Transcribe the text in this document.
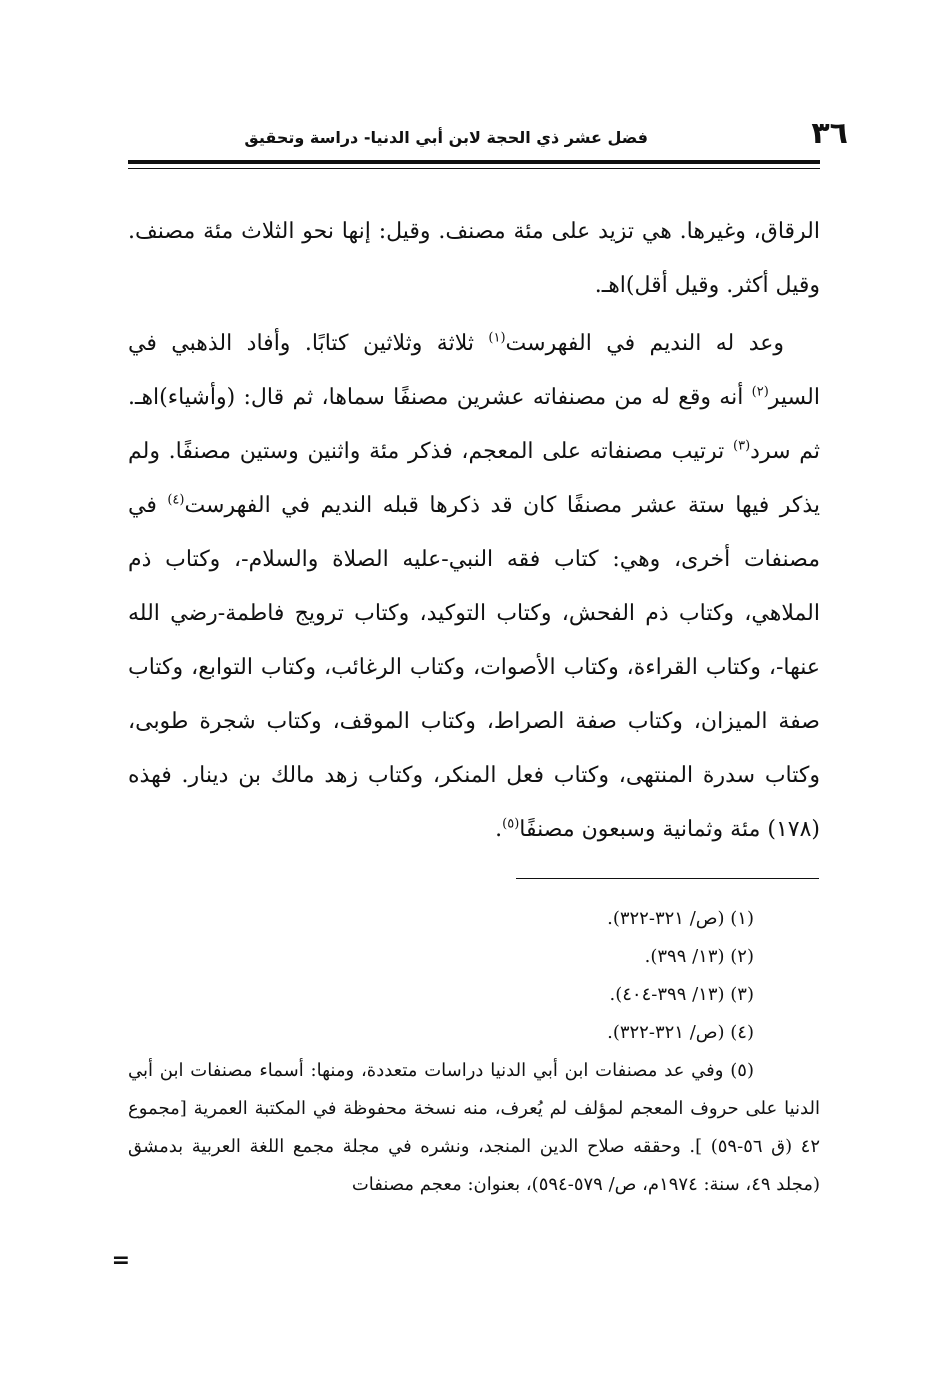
٣٦
فضل عشر ذي الحجة لابن أبي الدنيا- دراسة وتحقيق

الرقاق، وغيرها. هي تزيد على مئة مصنف. وقيل: إنها نحو الثلاث مئة مصنف. وقيل أكثر. وقيل أقل)اهـ.

وعد له النديم في الفهرست$^{(١)}$ ثلاثة وثلاثين كتابًا. وأفاد الذهبي في السير$^{(٢)}$ أنه وقع له من مصنفاته عشرين مصنفًا سماها، ثم قال: (وأشياء)اهـ. ثم سرد$^{(٣)}$ ترتيب مصنفاته على المعجم، فذكر مئة واثنين وستين مصنفًا. ولم يذكر فيها ستة عشر مصنفًا كان قد ذكرها قبله النديم في الفهرست$^{(٤)}$ في مصنفات أخرى، وهي: كتاب فقه النبي-عليه الصلاة والسلام-، وكتاب ذم الملاهي، وكتاب ذم الفحش، وكتاب التوكيد، وكتاب ترويج فاطمة-رضي الله عنها-، وكتاب القراءة، وكتاب الأصوات، وكتاب الرغائب، وكتاب التوابع، وكتاب صفة الميزان، وكتاب صفة الصراط، وكتاب الموقف، وكتاب شجرة طوبى، وكتاب سدرة المنتهى، وكتاب فعل المنكر، وكتاب زهد مالك بن دينار. فهذه (١٧٨) مئة وثمانية وسبعون مصنفًا$^{(٥)}$.

(١) (ص/ ٣٢١-٣٢٢).

(٢) (١٣/ ٣٩٩).

(٣) (١٣/ ٣٩٩-٤٠٤).

(٤) (ص/ ٣٢١-٣٢٢).

(٥) وفي عد مصنفات ابن أبي الدنيا دراسات متعددة، ومنها: أسماء مصنفات ابن أبي الدنيا على حروف المعجم لمؤلف لم يُعرف، منه نسخة محفوظة في المكتبة العمرية [مجموع ٤٢ (ق ٥٦-٥٩) ]. وحققه صلاح الدين المنجد، ونشره في مجلة مجمع اللغة العربية بدمشق (مجلد ٤٩، سنة: ١٩٧٤م، ص/ ٥٧٩-٥٩٤)، بعنوان: معجم مصنفات

=
